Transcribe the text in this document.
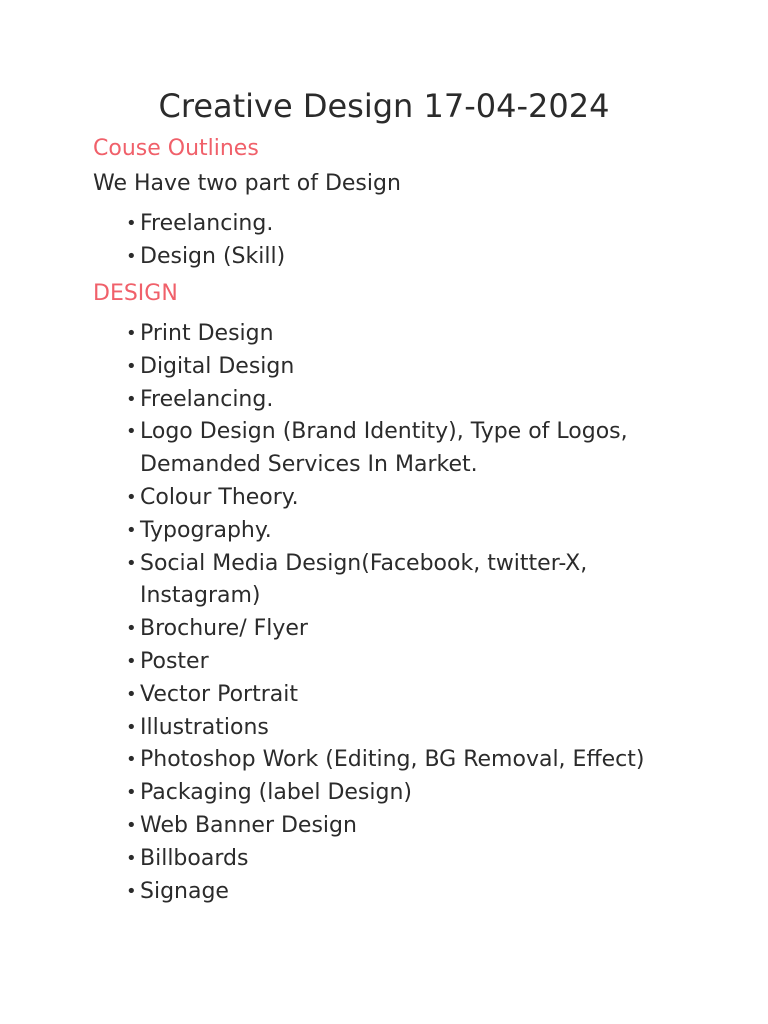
Creative Design 17-04-2024
Couse Outlines

We Have two part of Design

• Freelancing.
• Design (Skill)
DESIGN
• Print Design
• Digital Design
• Freelancing.
• Logo Design (Brand Identity), Type of Logos, Demanded Services In Market.
• Colour Theory.
• Typography.
• Social Media Design(Facebook, twitter-X, Instagram)
• Brochure/ Flyer
• Poster
• Vector Portrait
• Illustrations
• Photoshop Work (Editing, BG Removal, Effect)
• Packaging (label Design)
• Web Banner Design
• Billboards
• Signage
